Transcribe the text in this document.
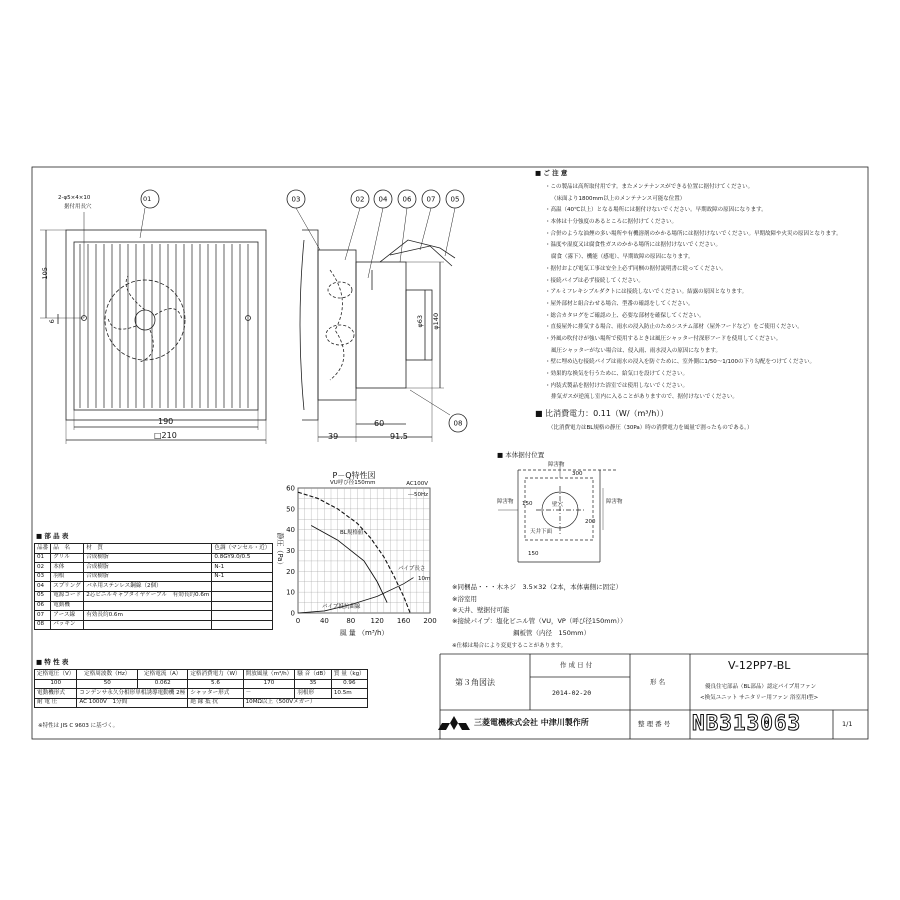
03	02 04 06 07 05
08
P－Q特性図
0	40 80 120 160 200
0
10
20
30
40
50
60
風 量 （m³/h）
静圧（Pa）
AC100V
---50Hz
BL規格値
パイプ長さ
10m
パイプ抵抗曲線
VU呼び径150mm
2-φ5×4×10
据付用長穴
01
105
6
190
□210	39
60
91.5
φ63 φ140
■ ご 注 意
・この製品は高所取付用です。またメンテナンスができる位置に据付けてください。
（床面より1800mm以上のメンテナンス可能な位置）
・高温（40℃以上）となる場所には据付けないでください。早期故障の原因になります。
・本体は十分強度のあるところに据付けてください。
・合併のような油煙の多い場所や有機溶剤のかかる場所には据付けないでください。早期故障や火災の原因となります。
・温度や湿度又は腐食性ガスのかかる場所には据付けないでください。
腐食（霧下）、機能（感電）、早期故障の原因になります。
・据付および電気工事は安全上必ず同梱の据付説明書に従ってください。
・接続パイプは必ず接続してください。
・アルミフレキシブルダクトには接続しないでください。結露の原因となります。
・屋外部材と組合わせる場合、型番の確認をしてください。
・総合カタログをご確認の上、必要な部材を確保してください。
・直接屋外に排気する場合、雨水の浸入防止のためシステム部材（屋外フードなど）をご使用ください。
・外風の吹付けが強い場所で使用するときは風圧シャッター付深形フードを使用してください。
風圧シャッターがない場合は、侵入雨、雨水浸入の原因になります。
・壁に埋め込む接続パイプは雨水の浸入を防ぐために、室外側に1/50～1/100の下り勾配をつけてください。
・効果的な換気を行うために、給気口を設けてください。
・内装式製品を据付けた浴室では使用しないでください。
排気ガスが逆流し室内に入ることがありますので、据付けないでください。
■ 比消費電力：0.11（W/（m³/h））
（比消費電力はBL規格の静圧（30Pa）時の消費電力を風量で割ったものである。）
■ 本体据付位置
障害物
障害物	障害物
壁穴
天井下面
300
150
200
150
※同梱品・・・木ネジ　3.5×32（2本，本体裏側に固定）
※浴室用
※天井、壁据付可能
※接続パイプ：塩化ビニル管（VU，VP（呼び径150mm））
鋼板管（内径　150mm）
※仕様は場合により変更することがあります。
■ 部 品 表
品番	品　名	材　質	色調（マンセル・近）
01	グリル	合成樹脂	0.8GY9.0/0.5
02	本体	合成樹脂	N-1
03	羽根	合成樹脂	N-1
04	スプリング	バネ用ステンレス鋼線（2個）	
05	電源コード	2芯ビニルキャブタイヤケーブル　有効長約0.6m	
06	電動機		
07	アース線	有効長約0.6m	
08	パッキン		
■ 特 性 表
定格電圧（V）	定格周波数（Hz）	定格電流（A）	定格消費電力（W）	開放風量（m³/h）	騒 音（dB）	質 量（kg）
100	50	0.062	5.6	170	35	0.96
電動機形式	コンデンサ永久分相形単相誘導電動機 2極		シャッター形式	－	羽根形	10.5m
耐 電 圧	AC 1000V　1分間		絶 縁 抵 抗	10MΩ以上（500Vメガー）		
※特性は JIS C 9603 に基づく。
第３角図法
作 成 日 付
2014-02-20
形 名
V-12PP7-BL
優良住宅部品（BL部品）認定パイプ用ファン
<換気ユニット サニタリー用ファン 浴室用Ⅰ型>
三菱電機株式会社 中津川製作所	整 理 番 号 NB313063	1/1
